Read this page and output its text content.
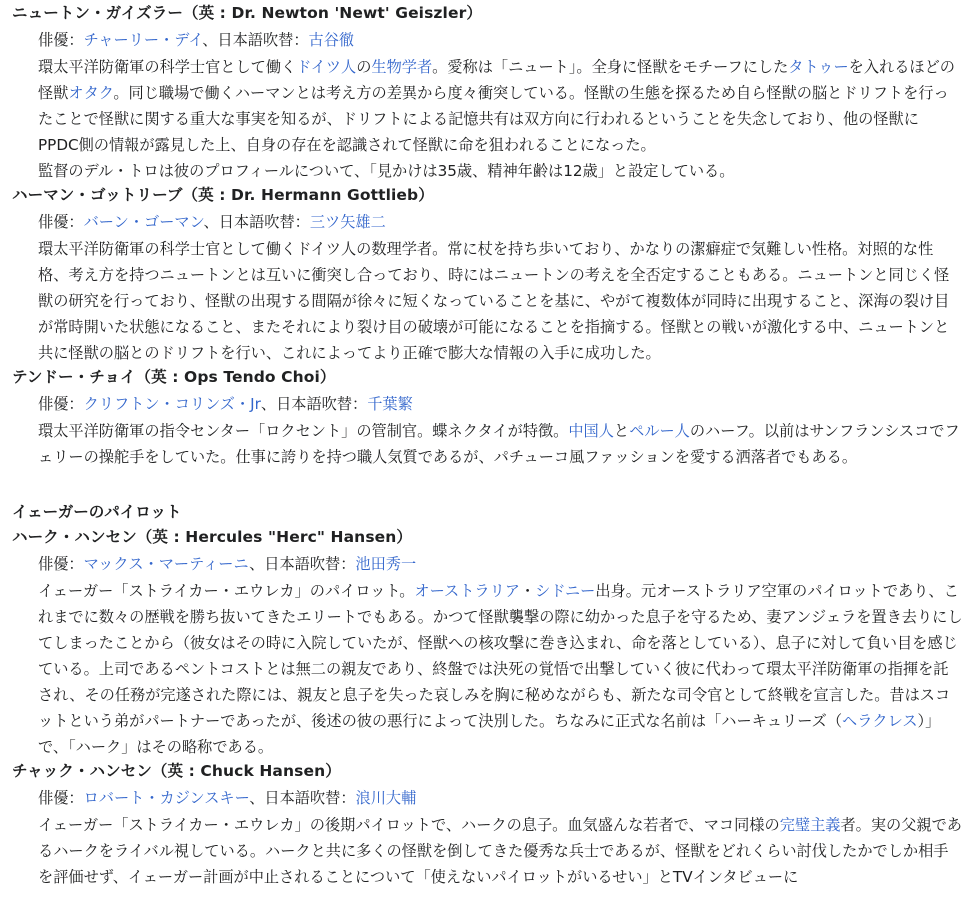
ニュートン・ガイズラー（英 : Dr. Newton 'Newt' Geiszler）

俳優：チャーリー・デイ、日本語吹替：古谷徹

環太平洋防衛軍の科学士官として働くドイツ人の生物学者。愛称は「ニュート」。全身に怪獣をモチーフにしたタトゥーを入れるほどの怪獣オタク。同じ職場で働くハーマンとは考え方の差異から度々衝突している。怪獣の生態を探るため自ら怪獣の脳とドリフトを行ったことで怪獣に関する重大な事実を知るが、ドリフトによる記憶共有は双方向に行われるということを失念しており、他の怪獣に PPDC側の情報が露見した上、自身の存在を認識されて怪獣に命を狙われることになった。

監督のデル・トロは彼のプロフィールについて、「見かけは35歳、精神年齢は12歳」と設定している。

ハーマン・ゴットリーブ（英 : Dr. Hermann Gottlieb）

俳優：バーン・ゴーマン、日本語吹替：三ツ矢雄二

環太平洋防衛軍の科学士官として働くドイツ人の数理学者。常に杖を持ち歩いており、かなりの潔癖症で気難しい性格。対照的な性格、考え方を持つニュートンとは互いに衝突し合っており、時にはニュートンの考えを全否定することもある。ニュートンと同じく怪獣の研究を行っており、怪獣の出現する間隔が徐々に短くなっていることを基に、やがて複数体が同時に出現すること、深海の裂け目が常時開いた状態になること、またそれにより裂け目の破壊が可能になることを指摘する。怪獣との戦いが激化する中、ニュートンと共に怪獣の脳とのドリフトを行い、これによってより正確で膨大な情報の入手に成功した。

テンドー・チョイ（英 : Ops Tendo Choi）

俳優：クリフトン・コリンズ・Jr、日本語吹替：千葉繁

環太平洋防衛軍の指令センター「ロクセント」の管制官。蝶ネクタイが特徴。中国人とペルー人のハーフ。以前はサンフランシスコでフェリーの操舵手をしていた。仕事に誇りを持つ職人気質であるが、パチューコ風ファッションを愛する洒落者でもある。

イェーガーのパイロット
ハーク・ハンセン（英 : Hercules "Herc" Hansen）

俳優：マックス・マーティーニ、日本語吹替：池田秀一

イェーガー「ストライカー・エウレカ」のパイロット。オーストラリア・シドニー出身。元オーストラリア空軍のパイロットであり、これまでに数々の歴戦を勝ち抜いてきたエリートでもある。かつて怪獣襲撃の際に幼かった息子を守るため、妻アンジェラを置き去りにしてしまったことから（彼女はその時に入院していたが、怪獣への核攻撃に巻き込まれ、命を落としている）、息子に対して負い目を感じている。上司であるペントコストとは無二の親友であり、終盤では決死の覚悟で出撃していく彼に代わって環太平洋防衛軍の指揮を託され、その任務が完遂された際には、親友と息子を失った哀しみを胸に秘めながらも、新たな司令官として終戦を宣言した。昔はスコットという弟がパートナーであったが、後述の彼の悪行によって決別した。ちなみに正式な名前は「ハーキュリーズ（ヘラクレス）」で、「ハーク」はその略称である。

チャック・ハンセン（英 : Chuck Hansen）

俳優：ロバート・カジンスキー、日本語吹替：浪川大輔

イェーガー「ストライカー・エウレカ」の後期パイロットで、ハークの息子。血気盛んな若者で、マコ同様の完璧主義者。実の父親であるハークをライバル視している。ハークと共に多くの怪獣を倒してきた優秀な兵士であるが、怪獣をどれくらい討伐したかでしか相手を評価せず、イェーガー計画が中止されることについて「使えないパイロットがいるせい」とTVインタビューに
